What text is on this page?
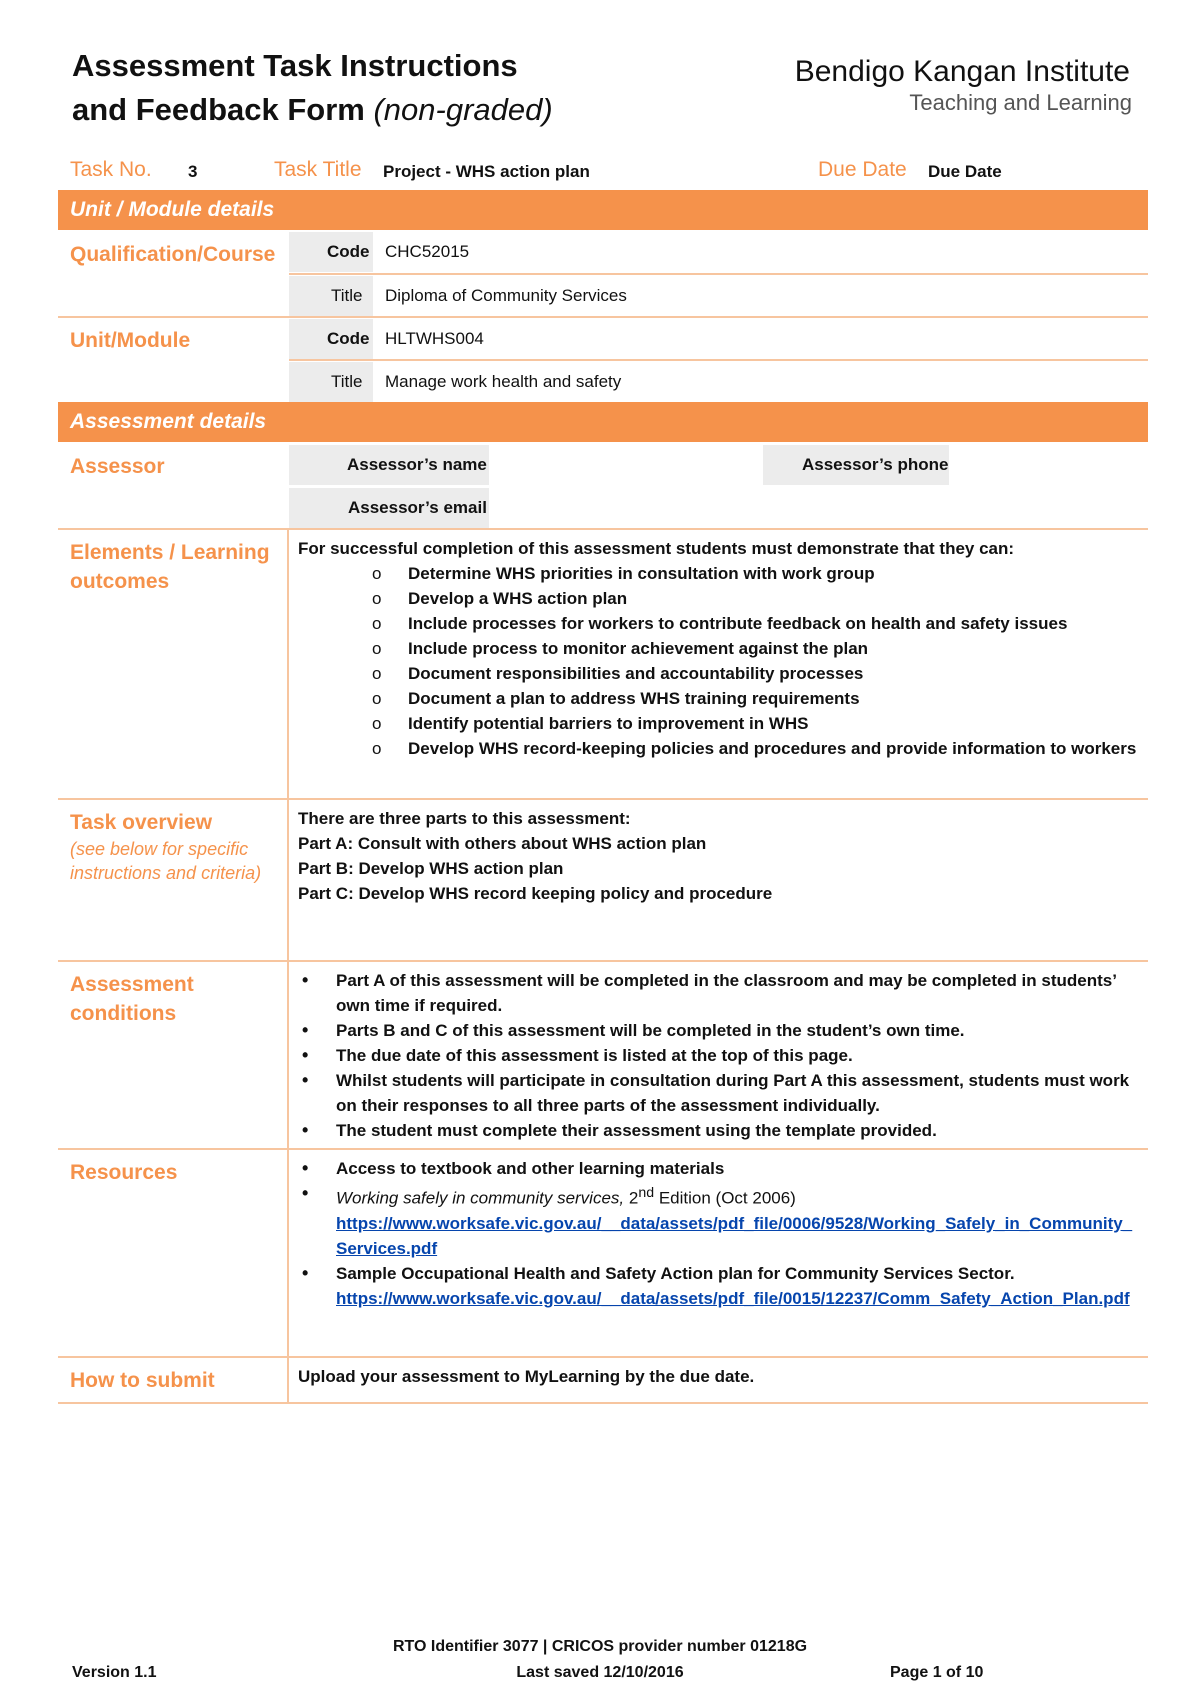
Assessment Task Instructions
and Feedback Form (non-graded)
Bendigo Kangan Institute
Teaching and Learning
Task No. 3	Task Title Project - WHS action plan	Due Date Due Date
Unit / Module details
Qualification/Course	Code CHC52015
Title Diploma of Community Services
Unit/Module	Code HLTWHS004
Title Manage work health and safety
Assessment details
Assessor	Assessor’s name	Assessor’s phone
Assessor’s email
Elements / Learning
outcomes

For successful completion of this assessment students must demonstrate that they can:

o Determine WHS priorities in consultation with work group
o Develop a WHS action plan
o Include processes for workers to contribute feedback on health and safety issues
o Include process to monitor achievement against the plan
o Document responsibilities and accountability processes
o Document a plan to address WHS training requirements
o Identify potential barriers to improvement in WHS
o Develop WHS record-keeping policies and procedures and provide information to workers
Task overview
(see below for specific
instructions and criteria)

There are three parts to this assessment:

Part A: Consult with others about WHS action plan

Part B: Develop WHS action plan

Part C: Develop WHS record keeping policy and procedure

Assessment
conditions
• Part A of this assessment will be completed in the classroom and may be completed in students’ own time if required.
• Parts B and C of this assessment will be completed in the student’s own time.
• The due date of this assessment is listed at the top of this page.
• Whilst students will participate in consultation during Part A this assessment, students must work on their responses to all three parts of the assessment individually.
• The student must complete their assessment using the template provided.
Resources
•	Access to textbook and other learning materials
• Working safely in community services, 2nd Edition (Oct 2006)
https://www.worksafe.vic.gov.au/__data/assets/pdf_file/0006/9528/Working_Safely_in_Community_Services.pdf
• Sample Occupational Health and Safety Action plan for Community Services Sector.
https://www.worksafe.vic.gov.au/__data/assets/pdf_file/0015/12237/Comm_Safety_Action_Plan.pdf
How to submit	Upload your assessment to MyLearning by the due date.
RTO Identifier 3077 | CRICOS provider number 01218G
Version 1.1	Last saved 12/10/2016	Page 1 of 10
